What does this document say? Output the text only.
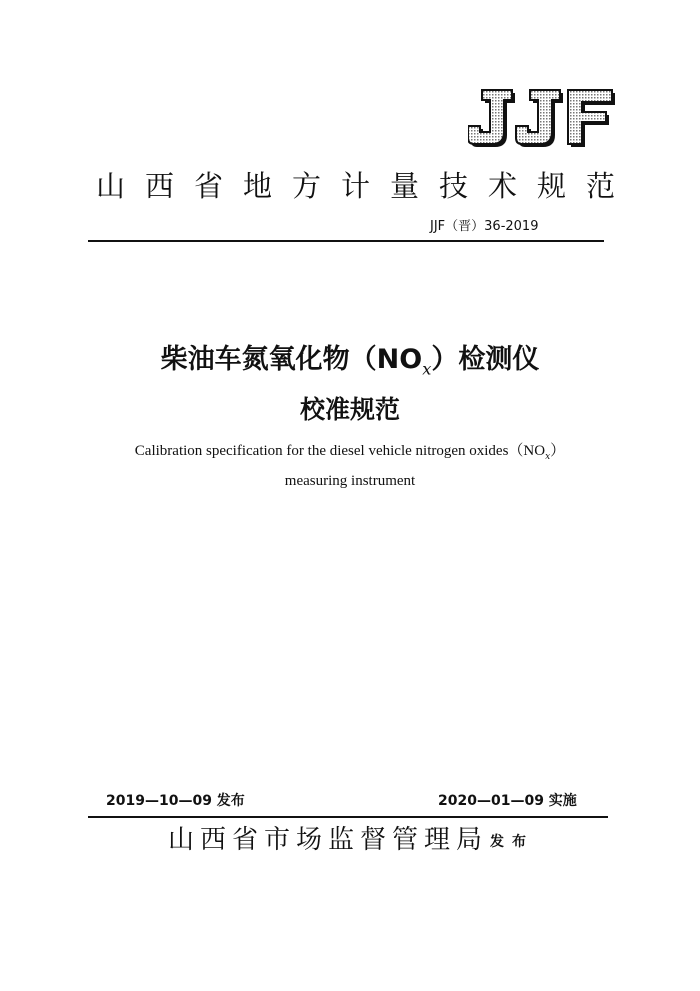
山西省地方计量技术规范
JJF（晋）36-2019
柴油车氮氧化物$(NO_x)$检测仪
校准规范
Calibration specification for the diesel vehicle nitrogen $oxides(NO_x)$
measuring instrument
2019—10—09 发布	2020—01—09 实施
山西省市场监督管理局 发布
